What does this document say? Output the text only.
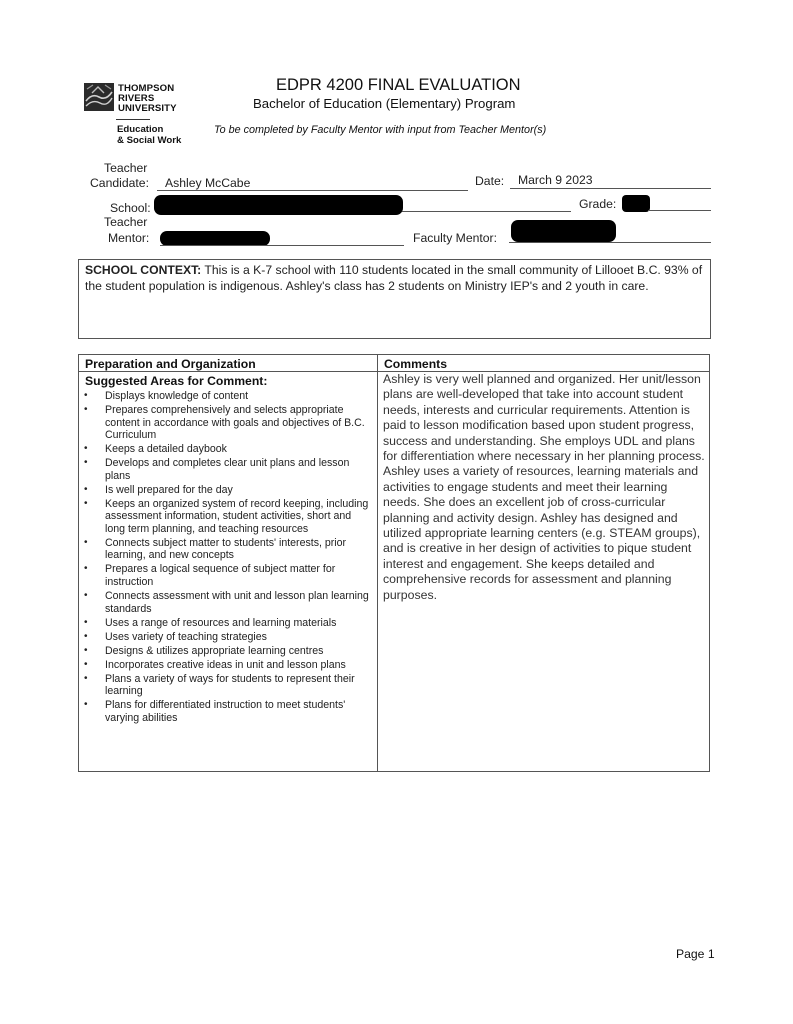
THOMPSON
RIVERS
UNIVERSITY
Education
& Social Work
EDPR 4200 FINAL EVALUATION
Bachelor of Education (Elementary) Program
To be completed by Faculty Mentor with input from Teacher Mentor(s)
Teacher
Candidate: Ashley McCabe	Date: March 9 2023
School:	Grade:
Teacher
Mentor:	Faculty Mentor:
SCHOOL CONTEXT: This is a K-7 school with 110 students located in the small community of Lillooet B.C. 93% of the student population is indigenous. Ashley's class has 2 students on Ministry IEP's and 2 youth in care.
Preparation and Organization	Comments
Suggested Areas for Comment:
• Displays knowledge of content
• Prepares comprehensively and selects appropriate content in accordance with goals and objectives of B.C. Curriculum
• Keeps a detailed daybook
• Develops and completes clear unit plans and lesson plans
• Is well prepared for the day
• Keeps an organized system of record keeping, including assessment information, student activities, short and long term planning, and teaching resources
• Connects subject matter to students' interests, prior learning, and new concepts
• Prepares a logical sequence of subject matter for instruction
• Connects assessment with unit and lesson plan learning standards
• Uses a range of resources and learning materials
• Uses variety of teaching strategies
• Designs & utilizes appropriate learning centres
• Incorporates creative ideas in unit and lesson plans
• Plans a variety of ways for students to represent their learning
• Plans for differentiated instruction to meet students' varying abilities

Ashley is very well planned and organized. Her unit/lesson plans are well-developed that take into account student needs, interests and curricular requirements. Attention is paid to lesson modification based upon student progress, success and understanding. She employs UDL and plans for differentiation where necessary in her planning process. Ashley uses a variety of resources, learning materials and activities to engage students and meet their learning needs. She does an excellent job of cross-curricular planning and activity design. Ashley has designed and utilized appropriate learning centers (e.g. STEAM groups), and is creative in her design of activities to pique student interest and engagement. She keeps detailed and comprehensive records for assessment and planning purposes.

Page 1
